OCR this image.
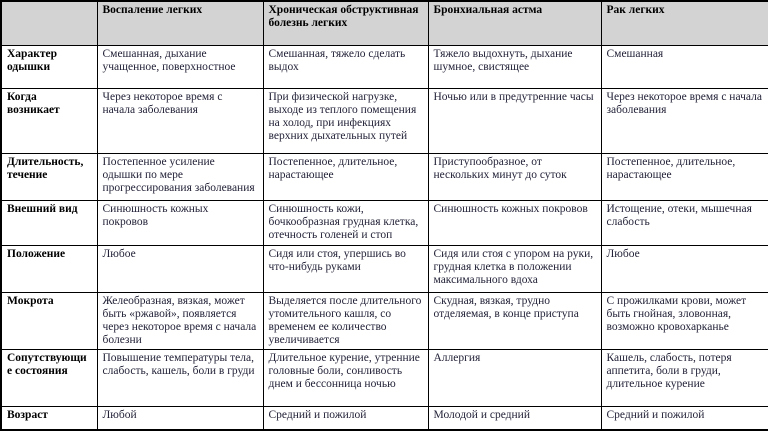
	Воспаление легких	Хроническая обструктивная болезнь легких	Бронхиальная астма	Рак легких
Характер одышки	Смешанная, дыхание учащенное, поверхностное	Смешанная, тяжело сделать выдох	Тяжело выдохнуть, дыхание шумное, свистящее	Смешанная
Когда возникает	Через некоторое время с начала заболевания	При физической нагрузке, выходе из теплого помещения на холод, при инфекциях верхних дыхательных путей	Ночью или в предутренние часы	Через некоторое время с начала заболевания
Длительность, течение	Постепенное усиление одышки по мере прогрессирования заболевания	Постепенное, длительное, нарастающее	Приступообразное, от нескольких минут до суток	Постепенное, длительное, нарастающее
Внешний вид	Синюшность кожных покровов	Синюшность кожи, бочкообразная грудная клетка, отечность голеней и стоп	Синюшность кожных покровов	Истощение, отеки, мышечная слабость
Положение	Любое	Сидя или стоя, упершись во что-нибудь руками	Сидя или стоя с упором на руки, грудная клетка в положении максимального вдоха	Любое
Мокрота	Желеобразная, вязкая, может быть «ржавой», появляется через некоторое время с начала болезни	Выделяется после длительного утомительного кашля, со временем ее количество увеличивается	Скудная, вязкая, трудно отделяемая, в конце приступа	С прожилками крови, может быть гнойная, зловонная, возможно кровохарканье
Сопутствующие состояния	Повышение температуры тела, слабость, кашель, боли в груди	Длительное курение, утренние головные боли, сонливость днем и бессонница ночью	Аллергия	Кашель, слабость, потеря аппетита, боли в груди, длительное курение
Возраст	Любой	Средний и пожилой	Молодой и средний	Средний и пожилой
